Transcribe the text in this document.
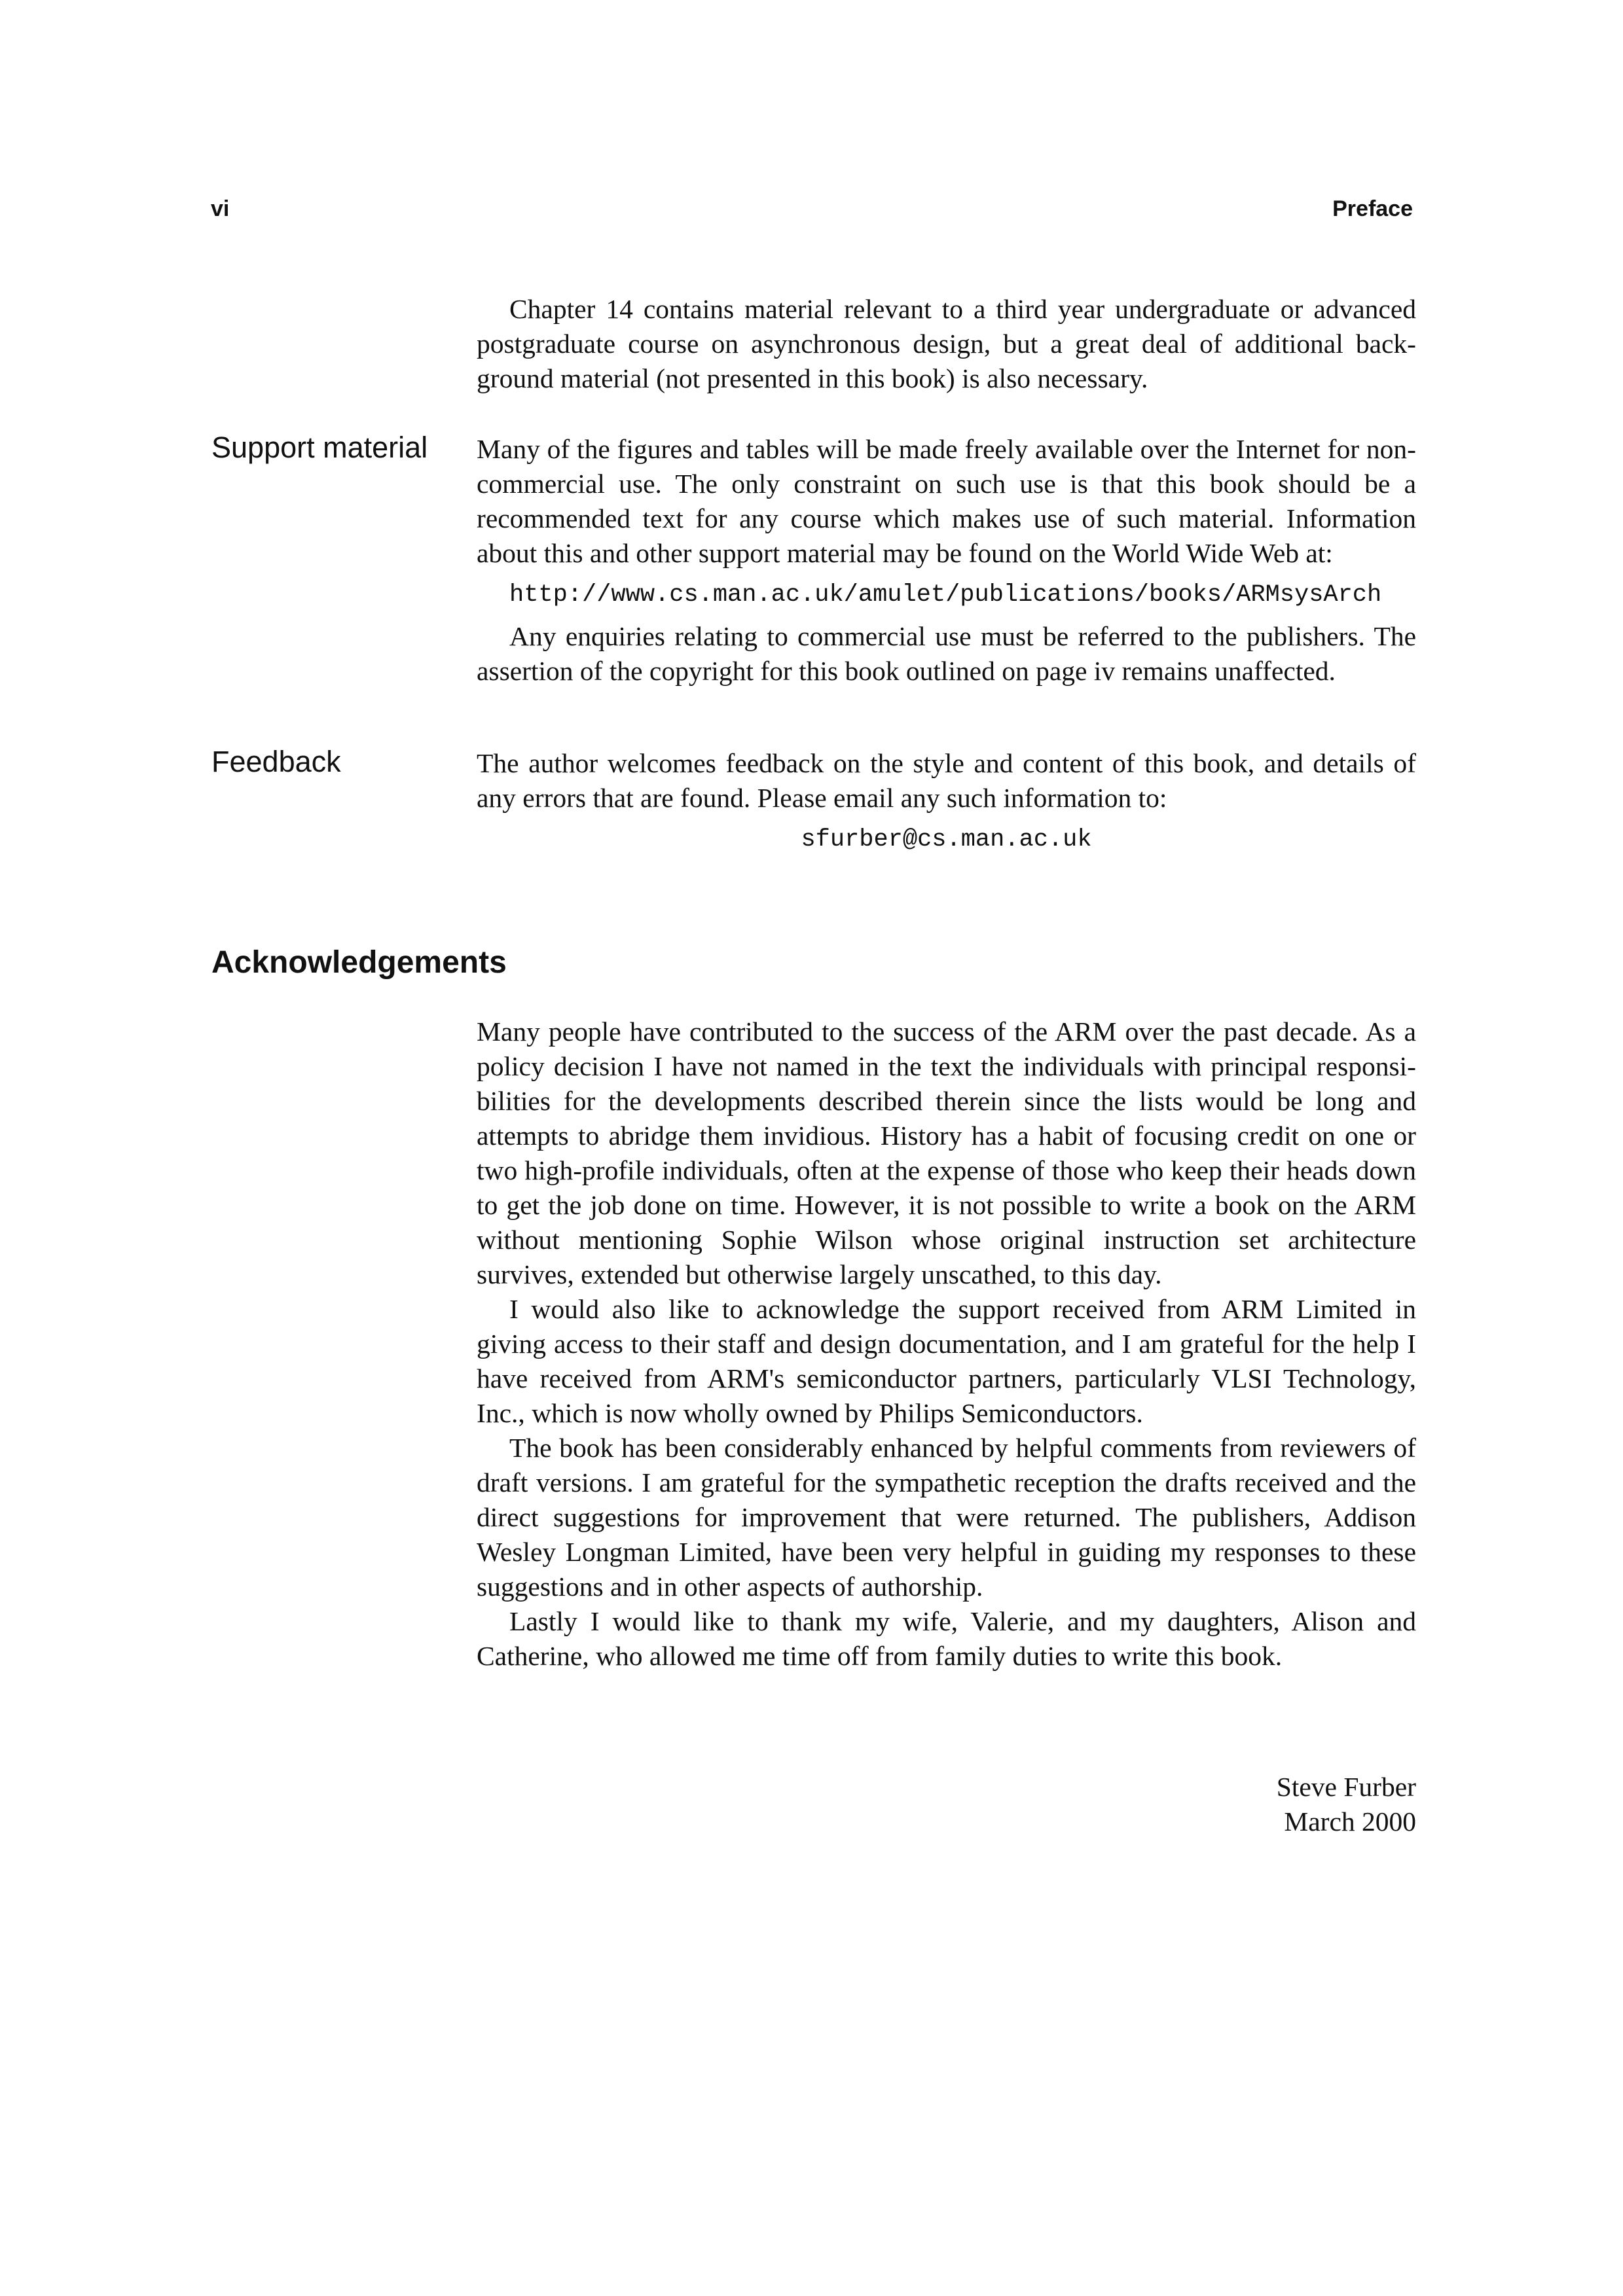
vi	Preface

Chapter 14 contains material relevant to a third year undergraduate or advanced postgraduate course on asynchronous design, but a great deal of additional background material (not presented in this book) is also necessary.

Support material Many of the figures and tables will be made freely available over the Internet for non-commercial use. The only constraint on such use is that this book should be a recommended text for any course which makes use of such material. Information about this and other support material may be found on the World Wide Web at:

http://www.cs.man.ac.uk/amulet/publications/books/ARMsysArch

Any enquiries relating to commercial use must be referred to the publishers. The assertion of the copyright for this book outlined on page iv remains unaffected.

Feedback	The author welcomes feedback on the style and content of this book, and details of any errors that are found. Please email any such information to:

sfurber@cs.man.ac.uk

Acknowledgements

Many people have contributed to the success of the ARM over the past decade. As a policy decision I have not named in the text the individuals with principal responsibilities for the developments described therein since the lists would be long and attempts to abridge them invidious. History has a habit of focusing credit on one or two high-profile individuals, often at the expense of those who keep their heads down to get the job done on time. However, it is not possible to write a book on the ARM without mentioning Sophie Wilson whose original instruction set architecture survives, extended but otherwise largely unscathed, to this day.

I would also like to acknowledge the support received from ARM Limited in giving access to their staff and design documentation, and I am grateful for the help I have received from ARM's semiconductor partners, particularly VLSI Technology, Inc., which is now wholly owned by Philips Semiconductors.

The book has been considerably enhanced by helpful comments from reviewers of draft versions. I am grateful for the sympathetic reception the drafts received and the direct suggestions for improvement that were returned. The publishers, Addison Wesley Longman Limited, have been very helpful in guiding my responses to these suggestions and in other aspects of authorship.

Lastly I would like to thank my wife, Valerie, and my daughters, Alison and Catherine, who allowed me time off from family duties to write this book.

Steve Furber
March 2000
